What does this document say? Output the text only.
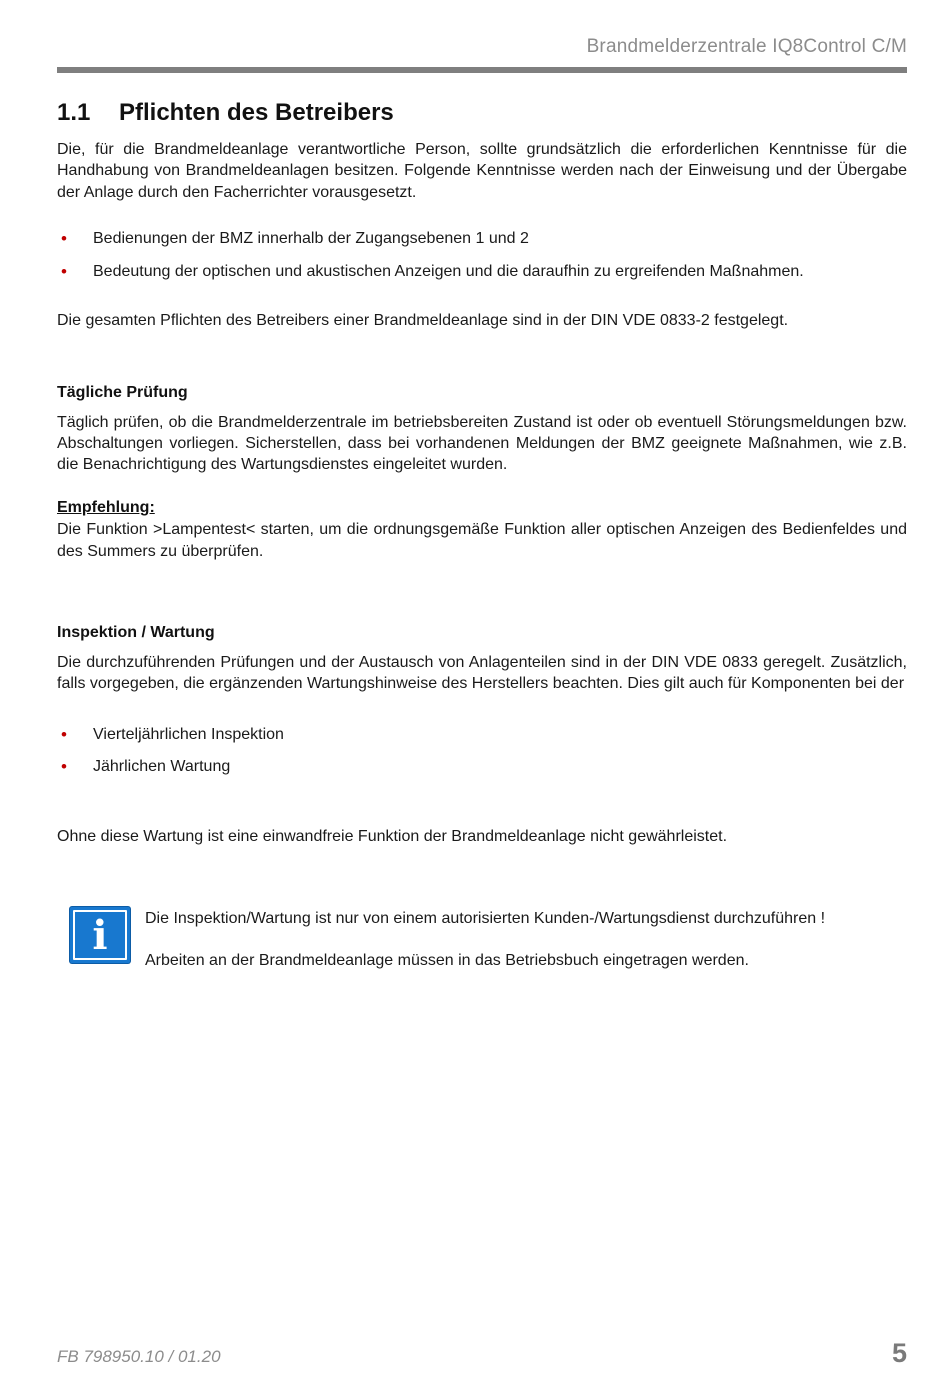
Brandmelderzentrale IQ8Control C/M
1.1	Pflichten des Betreibers
Die, für die Brandmeldeanlage verantwortliche Person, sollte grundsätzlich die erforderlichen Kenntnisse für die Handhabung von Brandmeldeanlagen besitzen. Folgende Kenntnisse werden nach der Einweisung und der Übergabe der Anlage durch den Facherrichter vorausgesetzt.
• Bedienungen der BMZ innerhalb der Zugangsebenen 1 und 2
• Bedeutung der optischen und akustischen Anzeigen und die daraufhin zu ergreifenden Maßnahmen.
Die gesamten Pflichten des Betreibers einer Brandmeldeanlage sind in der DIN VDE 0833-2 festgelegt.
Tägliche Prüfung
Täglich prüfen, ob die Brandmelderzentrale im betriebsbereiten Zustand ist oder ob eventuell Störungsmeldungen bzw. Abschaltungen vorliegen. Sicherstellen, dass bei vorhandenen Meldungen der BMZ geeignete Maßnahmen, wie z.B. die Benachrichtigung des Wartungsdienstes eingeleitet wurden.
Empfehlung:
Die Funktion >Lampentest< starten, um die ordnungsgemäße Funktion aller optischen Anzeigen des Bedienfeldes und des Summers zu überprüfen.
Inspektion / Wartung
Die durchzuführenden Prüfungen und der Austausch von Anlagenteilen sind in der DIN VDE 0833 geregelt. Zusätzlich, falls vorgegeben, die ergänzenden Wartungshinweise des Herstellers beachten. Dies gilt auch für Komponenten bei der
• Vierteljährlichen Inspektion
• Jährlichen Wartung
Ohne diese Wartung ist eine einwandfreie Funktion der Brandmeldeanlage nicht gewährleistet.
i	Die Inspektion/Wartung ist nur von einem autorisierten Kunden-/Wartungsdienst durchzuführen !
Arbeiten an der Brandmeldeanlage müssen in das Betriebsbuch eingetragen werden.
FB 798950.10 / 01.20	5
